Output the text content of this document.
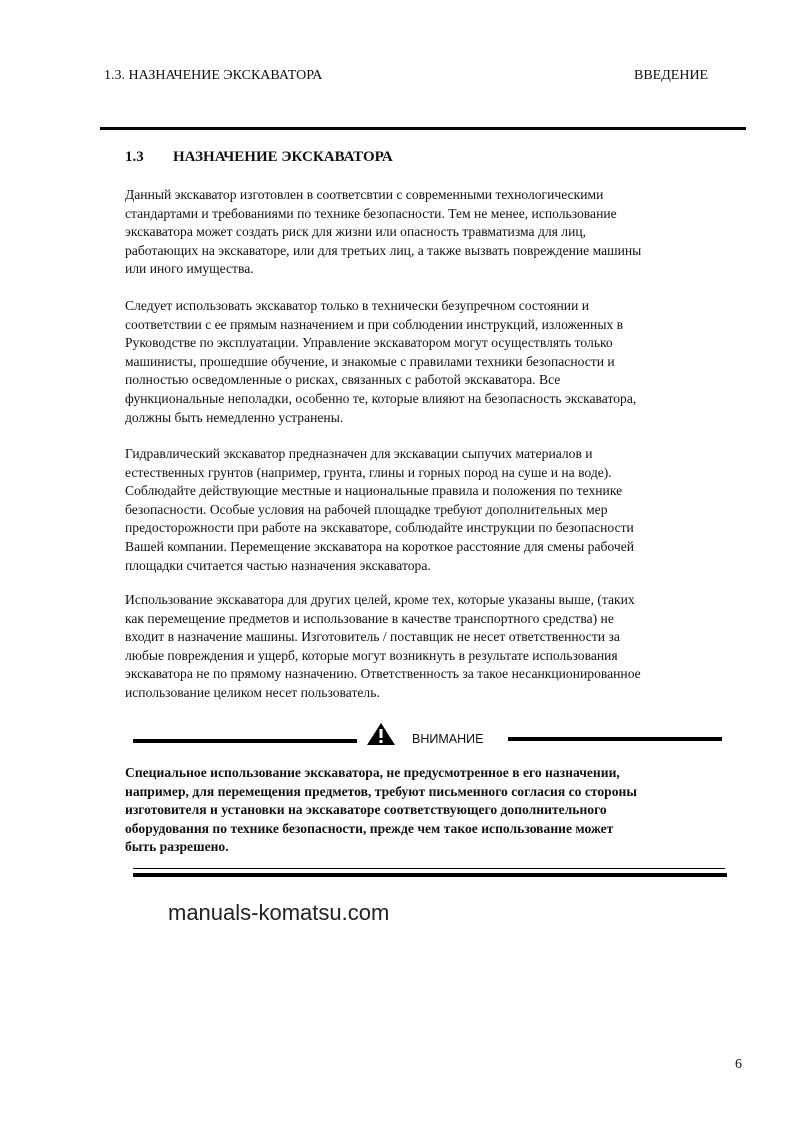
1.3. НАЗНАЧЕНИЕ ЭКСКАВАТОРА	ВВЕДЕНИЕ
1.3 НАЗНАЧЕНИЕ ЭКСКАВАТОРА
Данный экскаватор изготовлен в соответсвтии с современными технологическими
стандартами и требованиями по технике безопасности. Тем не менее, использование
экскаватора может создать риск для жизни или опасность травматизма для лиц,
работающих на экскаваторе, или для третьих лиц, а также вызвать повреждение машины
или иного имущества.
Следует использовать экскаватор только в технически безупречном состоянии и
соответствии с ее прямым назначением и при соблюдении инструкций, изложенных в
Руководстве по эксплуатации. Управление экскаватором могут осуществлять только
машинисты, прошедшие обучение, и знакомые с правилами техники безопасности и
полностью осведомленные о рисках, связанных с работой экскаватора. Все
функциональные неполадки, особенно те, которые влияют на безопасность экскаватора,
должны быть немедленно устранены.
Гидравлический экскаватор предназначен для экскавации сыпучих материалов и
естественных грунтов (например, грунта, глины и горных пород на суше и на воде).
Соблюдайте действующие местные и национальные правила и положения по технике
безопасности. Особые условия на рабочей площадке требуют дополнительных мер
предосторожности при работе на экскаваторе, соблюдайте инструкции по безопасности
Вашей компании. Перемещение экскаватора на короткое расстояние для смены рабочей
площадки считается частью назначения экскаватора.
Использование экскаватора для других целей, кроме тех, которые указаны выше, (таких
как перемещение предметов и использование в качестве транспортного средства) не
входит в назначение машины. Изготовитель / поставщик не несет ответственности за
любые повреждения и ущерб, которые могут возникнуть в результате использования
экскаватора не по прямому назначению. Ответственность за такое несанкционированное
использование целиком несет пользователь.
ВНИМАНИЕ
Специальное использование экскаватора, не предусмотренное в его назначении,
например, для перемещения предметов, требуют письменного согласия со стороны
изготовителя и установки на экскаваторе соответствующего дополнительного
оборудования по технике безопасности, прежде чем такое использование может
быть разрешено.
manuals-komatsu.com
6
